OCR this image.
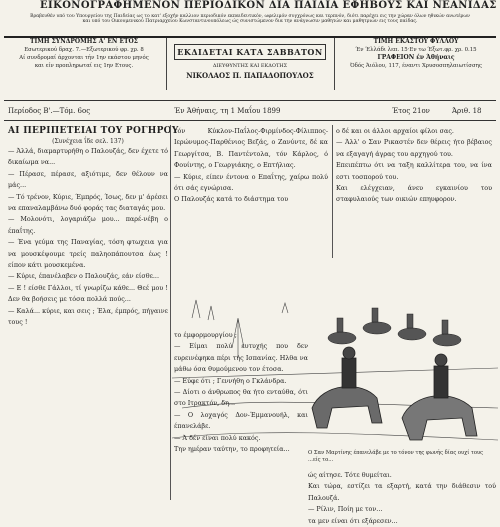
ΕΙΚΟΝΟΓΡΑΦΗΜΕΝΟΝ ΠΕΡΙΟΔΙΚΟΝ ΔΙΑ ΠΑΙΔΙΑ ΕΦΗΒΟΥΣ ΚΑΙ ΝΕΑΝΙΔΑΣ
Βραβευθέν υπό του Υπουργείου της Παιδείας ως το κατ' εξοχήν καλλιον περιοδικόν εκπαιδευτικόν, ωφελιμόν συγχρόνως και τερπνόν, διότι παρέχει εις την χώραν όλων ηθικών ανωτέρων
και υπό του Οικουμενικού Πατριαρχείου Κωνσταντινουπόλεως ώς συνιστώμενον δια την ανάγνωσιν μαθητών και μαθητριών εις τους παίδας.
ΤΙΜΗ ΣΥΝΔΡΟΜΗΣ Α' ΕΝ ΕΤΟΣ
Εσωτερικού δραχ. 7.—Εξωτερικού φρ. χρ. 8
Αί συνδρομαί άρχονται τήν 1ην εκάστου μηνός
και είν προπληρωταί εις 1ην Ετους.
ΕΚΔΙΔΕΤΑΙ ΚΑΤΑ ΣΑΒΒΑΤΟΝ
ΔΙΕΥΘΥΝΤΗΣ ΚΑΙ ΕΚΔΟΤΗΣ
ΝΙΚΟΛΑΟΣ Π. ΠΑΠΑΔΟΠΟΥΛΟΣ
ΤΙΜΗ ΕΚΑΣΤΟΥ ΦΥΛΛΟΥ
Έν Έλλάδι λεπ. 15·Εν τω Έξωτ.φρ. χρ. 0.15
ΓΡΑΦΕΙΟΝ έν Άθήναις
Όδός Άιόλου, 117, έναντι Χρυσοσπηλαιωτίσσης
Περίοδος Β'.—Τόμ. 6ος	Έν Άθήναις, τη 1 Μαΐου 1899	Έτος 21ον	Άριθ. 18
ΑΙ ΠΕΡΙΠΕΤΕΙΑΙ ΤΟΥ ΡΟΓΗΡΟΥ
(Συνέχεια ΐδε σελ. 137)

— Άλλά, διαμαρτυρήθη ο Παλουζάς, δεν έχετε τό δικαίωμα να...

— Πέρασε, πέρασε, αξιότιμε, δεν θέλουν να μάς...

— Τό τρένον, Κύριε, Έμπρός, Ίσως, δεν μ' άρέσει να επαναλαμβάνω δυό φοράς τας διαταγάς μου.

— Μολονότι, λογαριάζω μου... παρέ-νέβη ο έπαΐτης.

— Ένα γεύμα της Παναγίας, τόση φτωχεια για να μουσκέψουμε τρείς παληοπάπουτσα έως ! είπον κάτι μουσκεμένα.

— Κύριε, έπανέλαβεν ο Παλουζάς, εάν είσθε...

— Ε ! είσθε Γάλλοι, τί γνωρίζω κάθε... Θεέ μου ! Δεν θα βοήσεις με τόσα πολλά πούς...

— Καλά... κύριε, και σεις ; Έλα, έμπρός, πήγαινε τους !

τόν Κύκλον-Παΐλος-Φιρμίνδος-Φίλιππος-Ιερώνυμος-Παρθένιος Βεζάς, ο Ζανύντε, δέ κα Γεωργίτσα, Β. Παντέντολα, τόν Κάρλος, ό Φουίντης, ο Γεωργιάκης, ο Επτήλιας.

— Κύριε, είπεν έντονα ο Επαΐτης, χαίρω πολύ ότι σάς εγνώρισα.

Ο Παλουζάς κατά το διάστημα του

ο δέ και οι άλλοι αρχαίοι φίλοι σας.

— Άλλ' ο Σαν Ρικαστέν δεν θέρεις ήτο βέβαιος να εξαγαγή άγρας του αρχηγού του.

Επειπέπτω ότι να ταξη καλλίτερα του, να ίνα εστι τοσπορού του.

Και ελέγχειαν, άνευ εγκαινίου του σταφυλαιούς των οικιών επηυφορον.

το έμφορμουργίου ;

— Είμαι πολύ ευτυχής που δεν ευρεινέφηκα πέρι τής Ισπανίας. Ηλθα να μάθω όσα θυμούμενου τον έτοσα.

— Εύφε ότι ; Γεννήθη ο Γκλάνδρα.

— Δίοτι ο άνθρωπος θα ήτο ενταύθα, ότι στο Ιτρακτόν, δη...

— Ο λοχαγός Δον-Έμμανουήλ, και έπανελάβε.

— Ά δέν είναι πολύ κακός.

Την ημέραν ταύτην, το προφητεία...	Ο Σαν Μαρτίνης έπανελάβε με το τόνον της φωνής δίας ουχί τους ...είς το...

ώς αίτησε. Τότε θυμείται.

Και τώρα, εστίζει τα εξαρτή, κατά την διάθεσιν τού Παλουζά.

— Ρίλιν, Ποίη με τον...

τα μεν είναι ότι εξάρεσεν...
